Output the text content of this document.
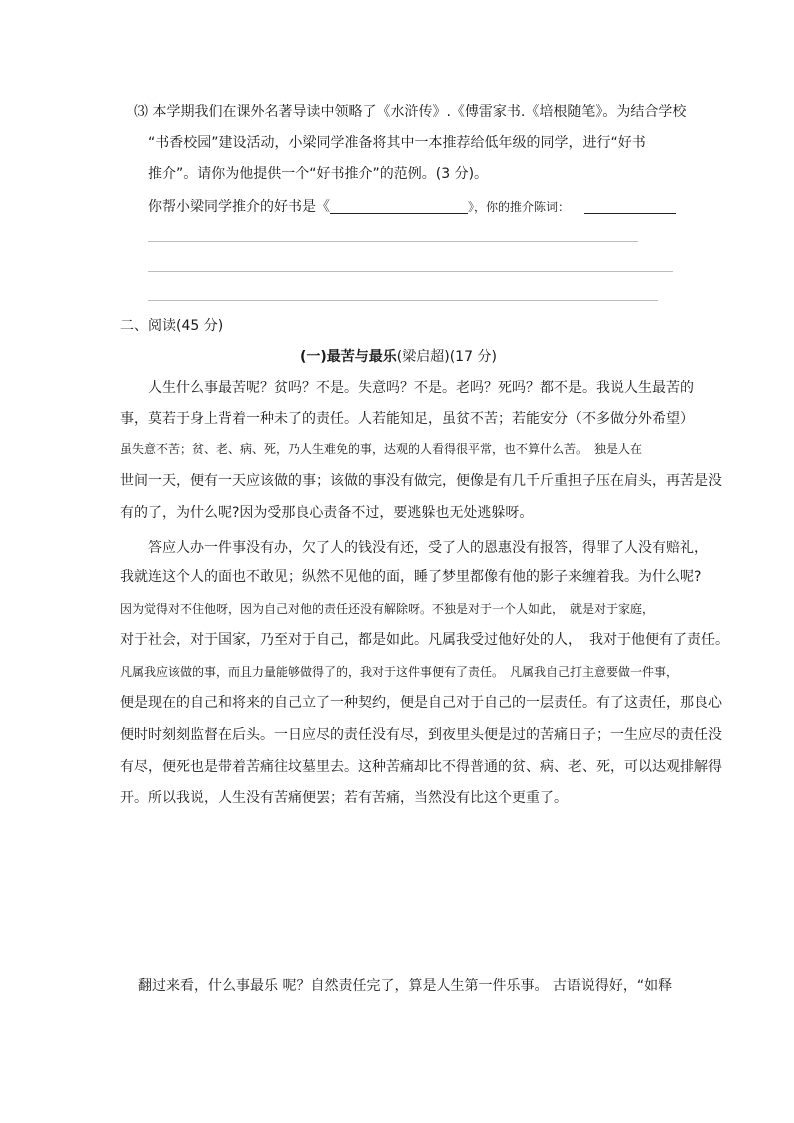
⑶ 本学期我们在课外名著导读中领略了《水浒传》.《傅雷家书.《培根随笔》。为结合学校
“书香校园”建设活动，小梁同学准备将其中一本推荐给低年级的同学，进行“好书
推介”。请你为他提供一个“好书推介”的范例。(3 分)。
你帮小梁同学推介的好书是《	》，你的推介陈词：
二、阅读(45 分)
(一)最苦与最乐(梁启超)(17 分)
人生什么事最苦呢？贫吗？不是。失意吗？不是。老吗？死吗？都不是。我说人生最苦的
事，莫若于身上背着一种未了的责任。人若能知足，虽贫不苦；若能安分（不多做分外希望）
虽失意不苦；贫、老、病、死，乃人生难免的事，达观的人看得很平常，也不算什么苦。　独是人在
世间一天，便有一天应该做的事；该做的事没有做完，便像是有几千斤重担子压在肩头，再苦是没
有的了，为什么呢?因为受那良心责备不过，要逃躲也无处逃躲呀。
答应人办一件事没有办，欠了人的钱没有还，受了人的恩惠没有报答，得罪了人没有赔礼，
我就连这个人的面也不敢见；纵然不见他的面，睡了梦里都像有他的影子来缠着我。为什么呢?
因为觉得对不住他呀，因为自己对他的责任还没有解除呀。不独是对于一个人如此，　就是对于家庭，
对于社会，对于国家，乃至对于自己，都是如此。凡属我受过他好处的人，　我对于他便有了责任。
凡属我应该做的事，而且力量能够做得了的，我对于这件事便有了责任。　凡属我自己打主意要做一件事，
便是现在的自己和将来的自己立了一种契约，便是自己对于自己的一层责任。有了这责任，那良心
便时时刻刻监督在后头。一日应尽的责任没有尽，到夜里头便是过的苦痛日子；一生应尽的责任没
有尽，便死也是带着苦痛往坟墓里去。这种苦痛却比不得普通的贫、病、老、死，可以达观排解得
开。所以我说，人生没有苦痛便罢；若有苦痛，当然没有比这个更重了。
翻过来看，什么事最乐 呢？自然责任完了，算是人生第一件乐事。 古语说得好，“如释
